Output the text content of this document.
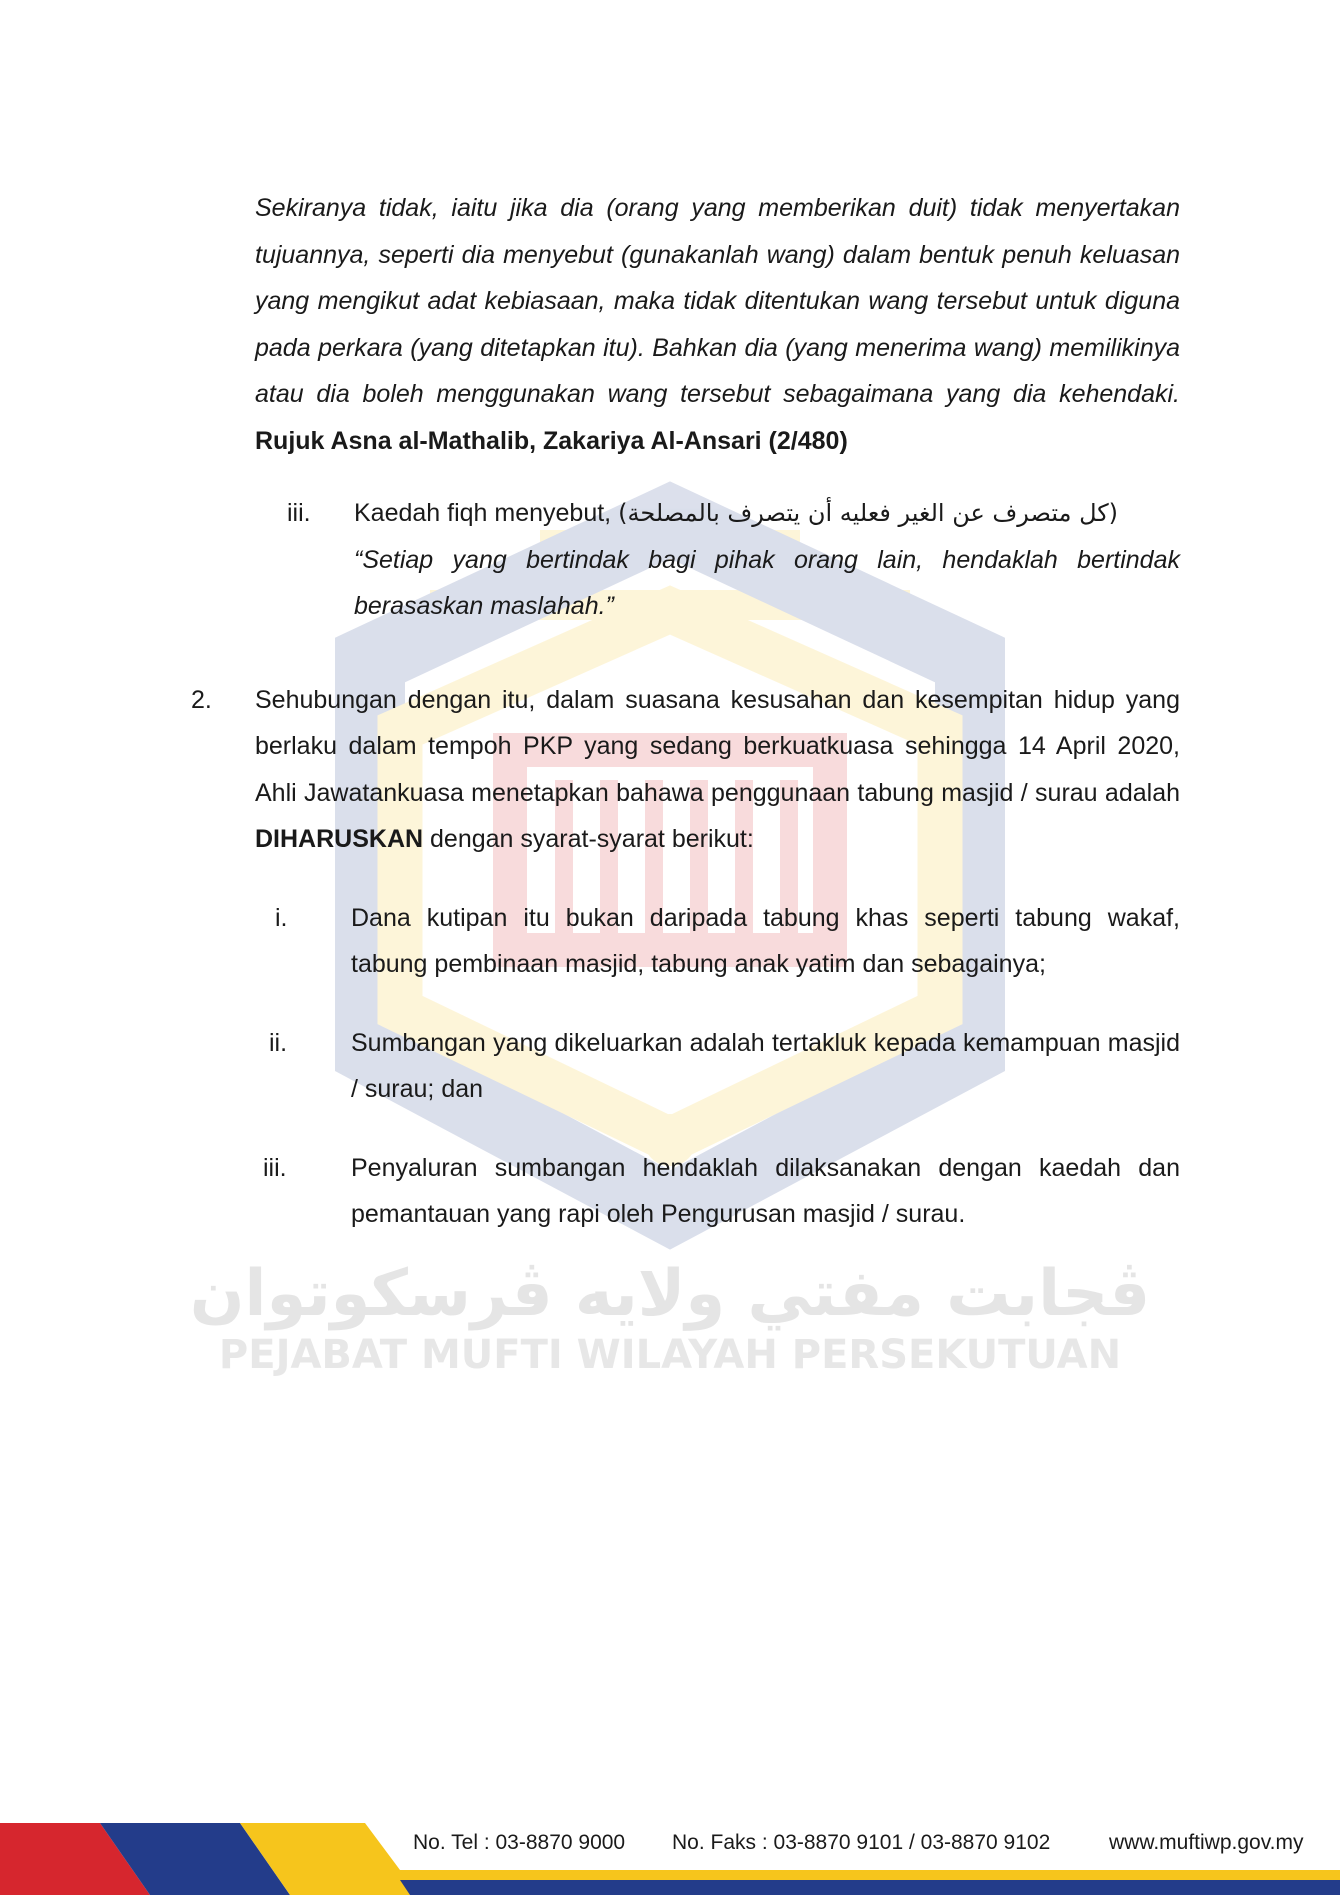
ڤجابت مفتي ولايه ڤرسكوتوان
PEJABAT MUFTI WILAYAH PERSEKUTUAN

Sekiranya tidak, iaitu jika dia (orang yang memberikan duit) tidak menyertakan tujuannya, seperti dia menyebut (gunakanlah wang) dalam bentuk penuh keluasan yang mengikut adat kebiasaan, maka tidak ditentukan wang tersebut untuk diguna pada perkara (yang ditetapkan itu). Bahkan dia (yang menerima wang) memilikinya atau dia boleh menggunakan wang tersebut sebagaimana yang dia kehendaki. Rujuk Asna al-Mathalib, Zakariya Al-Ansari (2/480)

iii. Kaedah fiqh menyebut, (كل متصرف عن الغير فعليه أن يتصرف بالمصلحة)
“Setiap yang bertindak bagi pihak orang lain, hendaklah bertindak berasaskan maslahah.”
2. Sehubungan dengan itu, dalam suasana kesusahan dan kesempitan hidup yang berlaku dalam tempoh PKP yang sedang berkuatkuasa sehingga 14 April 2020, Ahli Jawatankuasa menetapkan bahawa penggunaan tabung masjid / surau adalah DIHARUSKAN dengan syarat-syarat berikut:
i.	Dana kutipan itu bukan daripada tabung khas seperti tabung wakaf, tabung pembinaan masjid, tabung anak yatim dan sebagainya;
ii.	Sumbangan yang dikeluarkan adalah tertakluk kepada kemampuan masjid / surau; dan
iii.	Penyaluran sumbangan hendaklah dilaksanakan dengan kaedah dan pemantauan yang rapi oleh Pengurusan masjid / surau.
No. Tel : 03-8870 9000 No. Faks : 03-8870 9101 / 03-8870 9102	www.muftiwp.gov.my
